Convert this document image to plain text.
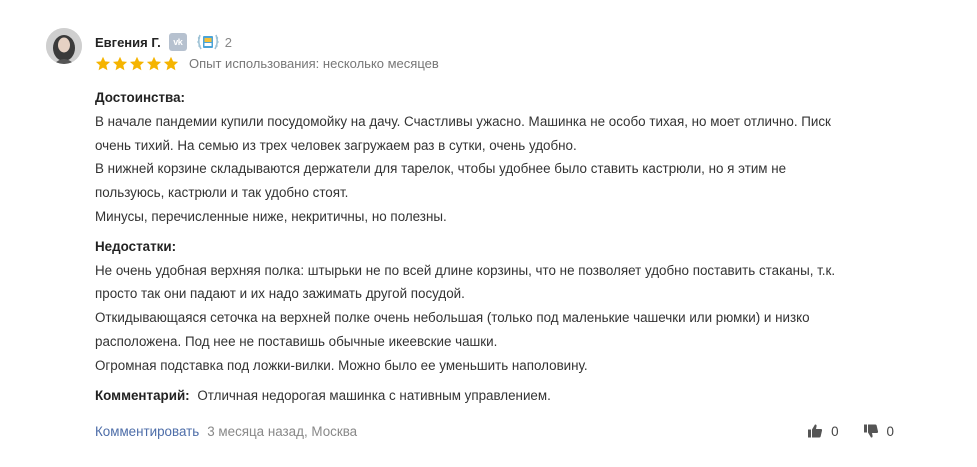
Евгения Г.	vk	2
Опыт использования: несколько месяцев
Достоинства:
В начале пандемии купили посудомойку на дачу. Счастливы ужасно. Машинка не особо тихая, но моет отлично. Писк
очень тихий. На семью из трех человек загружаем раз в сутки, очень удобно.
В нижней корзине складываются держатели для тарелок, чтобы удобнее было ставить кастрюли, но я этим не
пользуюсь, кастрюли и так удобно стоят.
Минусы, перечисленные ниже, некритичны, но полезны.
Недостатки:
Не очень удобная верхняя полка: штырьки не по всей длине корзины, что не позволяет удобно поставить стаканы, т.к.
просто так они падают и их надо зажимать другой посудой.
Откидывающаяся сеточка на верхней полке очень небольшая (только под маленькие чашечки или рюмки) и низко
расположена. Под нее не поставишь обычные икеевские чашки.
Огромная подставка под ложки-вилки. Можно было ее уменьшить наполовину.
Комментарий: Отличная недорогая машинка с нативным управлением.
Комментировать 3 месяца назад, Москва	0	0
